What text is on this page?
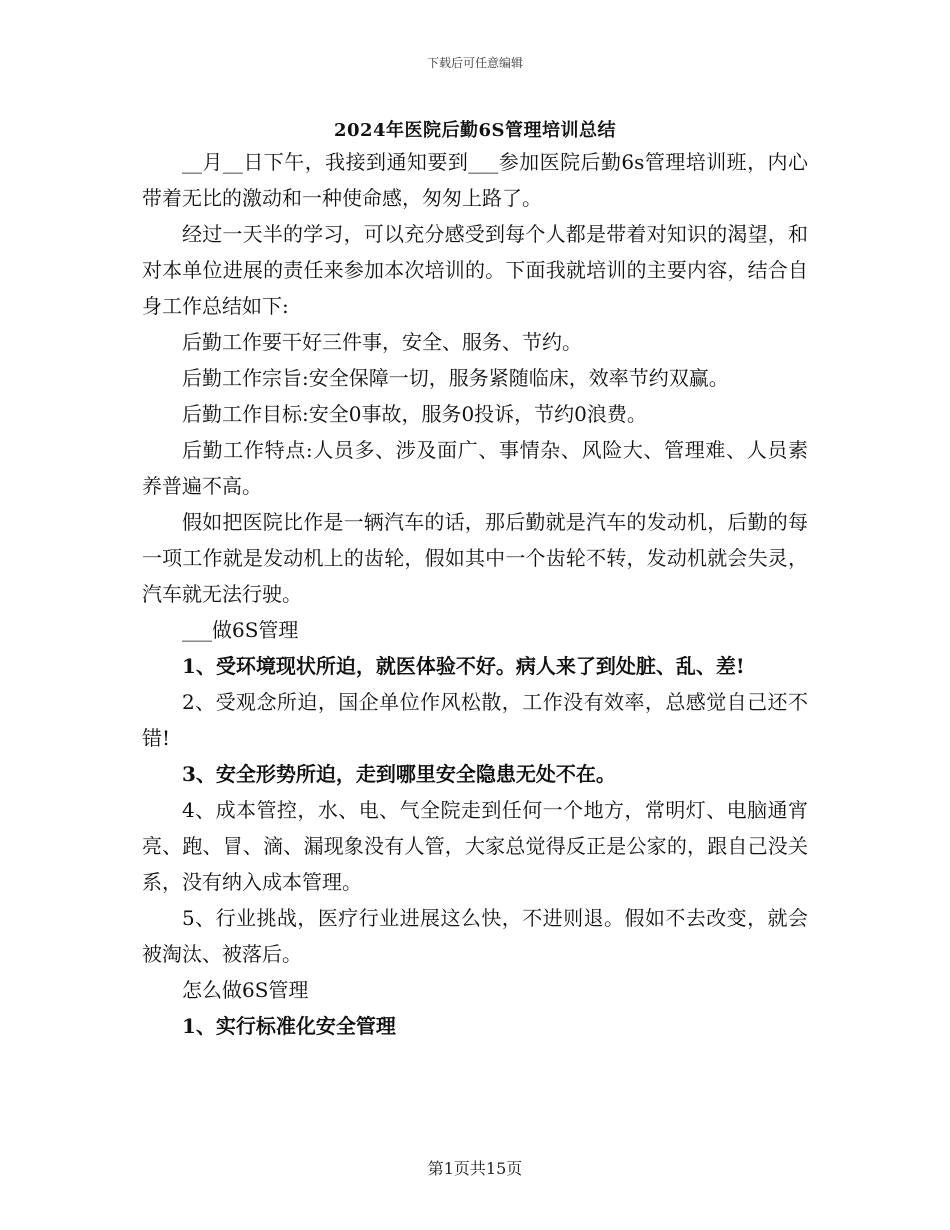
下载后可任意编辑
2024年医院后勤6S管理培训总结

__月__日下午，我接到通知要到___参加医院后勤6s管理培训班，内心带着无比的激动和一种使命感，匆匆上路了。

经过一天半的学习，可以充分感受到每个人都是带着对知识的渴望，和对本单位进展的责任来参加本次培训的。下面我就培训的主要内容，结合自身工作总结如下:

后勤工作要干好三件事，安全、服务、节约。

后勤工作宗旨:安全保障一切，服务紧随临床，效率节约双赢。

后勤工作目标:安全0事故，服务0投诉，节约0浪费。

后勤工作特点:人员多、涉及面广、事情杂、风险大、管理难、人员素养普遍不高。

假如把医院比作是一辆汽车的话，那后勤就是汽车的发动机，后勤的每一项工作就是发动机上的齿轮，假如其中一个齿轮不转，发动机就会失灵，汽车就无法行驶。

___做6S管理

1、受环境现状所迫，就医体验不好。病人来了到处脏、乱、差!

2、受观念所迫，国企单位作风松散，工作没有效率，总感觉自己还不错!

3、安全形势所迫，走到哪里安全隐患无处不在。

4、成本管控，水、电、气全院走到任何一个地方，常明灯、电脑通宵亮、跑、冒、滴、漏现象没有人管，大家总觉得反正是公家的，跟自己没关系，没有纳入成本管理。

5、行业挑战，医疗行业进展这么快，不进则退。假如不去改变，就会被淘汰、被落后。

怎么做6S管理

1、实行标准化安全管理

第1页共15页
